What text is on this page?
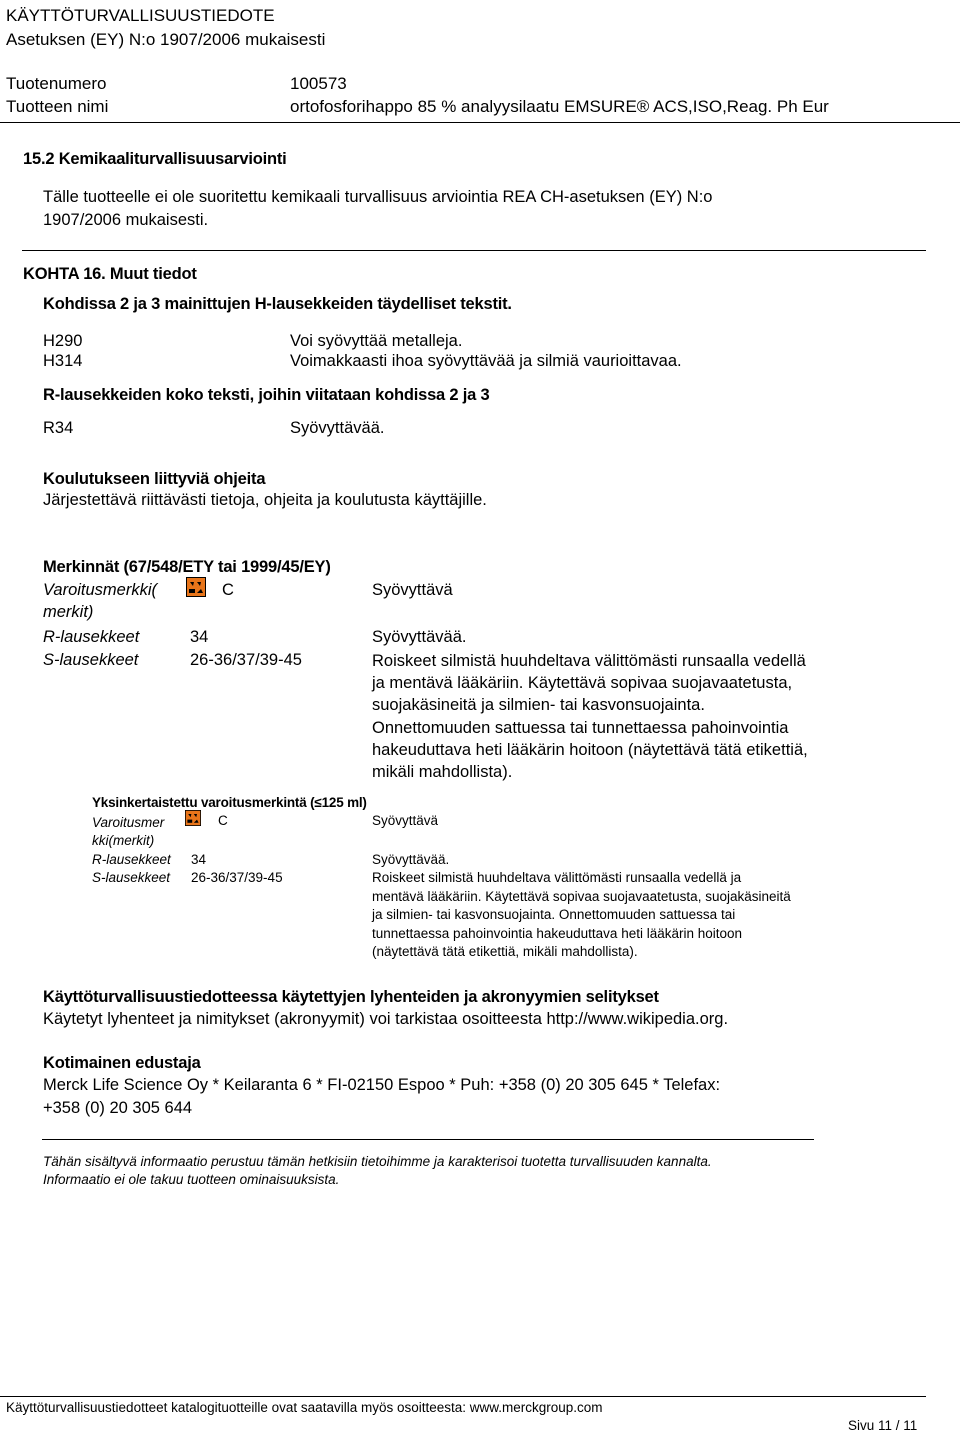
KÄYTTÖTURVALLISUUSTIEDOTE
Asetuksen (EY) N:o 1907/2006 mukaisesti
Tuotenumero	100573
Tuotteen nimi	ortofosforihappo 85 % analyysilaatu EMSURE® ACS,ISO,Reag. Ph Eur
15.2 Kemikaaliturvallisuusarviointi
Tälle tuotteelle ei ole suoritettu kemikaali turvallisuus arviointia REA CH-asetuksen (EY) N:o
1907/2006 mukaisesti.
KOHTA 16. Muut tiedot
Kohdissa 2 ja 3 mainittujen H-lausekkeiden täydelliset tekstit.
H290	Voi syövyttää metalleja.
H314	Voimakkaasti ihoa syövyttävää ja silmiä vaurioittavaa.
R-lausekkeiden koko teksti, joihin viitataan kohdissa 2 ja 3
R34	Syövyttävää.
Koulutukseen liittyviä ohjeita
Järjestettävä riittävästi tietoja, ohjeita ja koulutusta käyttäjille.
Merkinnät (67/548/ETY tai 1999/45/EY)
Varoitusmerkki(
merkit)
C	Syövyttävä
R-lausekkeet	34	Syövyttävää.
S-lausekkeet	26-36/37/39-45	Roiskeet silmistä huuhdeltava välittömästi runsaalla vedellä
ja mentävä lääkäriin. Käytettävä sopivaa suojavaatetusta,
suojakäsineitä ja silmien- tai kasvonsuojainta.
Onnettomuuden sattuessa tai tunnettaessa pahoinvointia
hakeuduttava heti lääkärin hoitoon (näytettävä tätä etikettiä,
mikäli mahdollista).
Yksinkertaistettu varoitusmerkintä (≤125 ml)
Varoitusmer
kki(merkit)
C	Syövyttävä
R-lausekkeet 34	Syövyttävää.
S-lausekkeet 26-36/37/39-45	Roiskeet silmistä huuhdeltava välittömästi runsaalla vedellä ja
mentävä lääkäriin. Käytettävä sopivaa suojavaatetusta, suojakäsineitä
ja silmien- tai kasvonsuojainta. Onnettomuuden sattuessa tai
tunnettaessa pahoinvointia hakeuduttava heti lääkärin hoitoon
(näytettävä tätä etikettiä, mikäli mahdollista).
Käyttöturvallisuustiedotteessa käytettyjen lyhenteiden ja akronyymien selitykset
Käytetyt lyhenteet ja nimitykset (akronyymit) voi tarkistaa osoitteesta http://www.wikipedia.org.
Kotimainen edustaja
Merck Life Science Oy * Keilaranta 6 * FI-02150 Espoo * Puh: +358 (0) 20 305 645 * Telefax:
+358 (0) 20 305 644
Tähän sisältyvä informaatio perustuu tämän hetkisiin tietoihimme ja karakterisoi tuotetta turvallisuuden kannalta.
Informaatio ei ole takuu tuotteen ominaisuuksista.
Käyttöturvallisuustiedotteet katalogituotteille ovat saatavilla myös osoitteesta: www.merckgroup.com
Sivu 11 / 11
